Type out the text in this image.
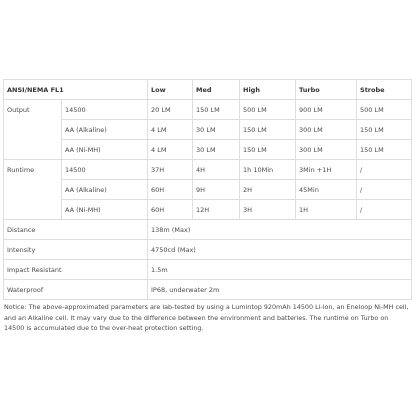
ANSI/NEMA FL1		Low	Med	High	Turbo	Strobe
Output	14500	20 LM	150 LM	500 LM	900 LM	500 LM
	AA (Alkaline)	4 LM	30 LM	150 LM	300 LM	150 LM
	AA (Ni-MH)	4 LM	30 LM	150 LM	300 LM	150 LM
Runtime	14500	37H	4H	1h 10Min	3Min +1H	/
	AA (Alkaline)	60H	9H	2H	45Min	/
	AA (Ni-MH)	60H	12H	3H	1H	/
Distance		138m (Max)				
Intensity		4750cd (Max)				
Impact Resistant		1.5m				
Waterproof		IP68, underwater 2m				

Notice: The above-approximated parameters are lab-tested by using a Lumintop 920mAh 14500 Li-ion, an Eneloop Ni-MH cell, and an Alkaline cell. It may vary due to the difference between the environment and batteries. The runtime on Turbo on 14500 is accumulated due to the over-heat protection setting.
